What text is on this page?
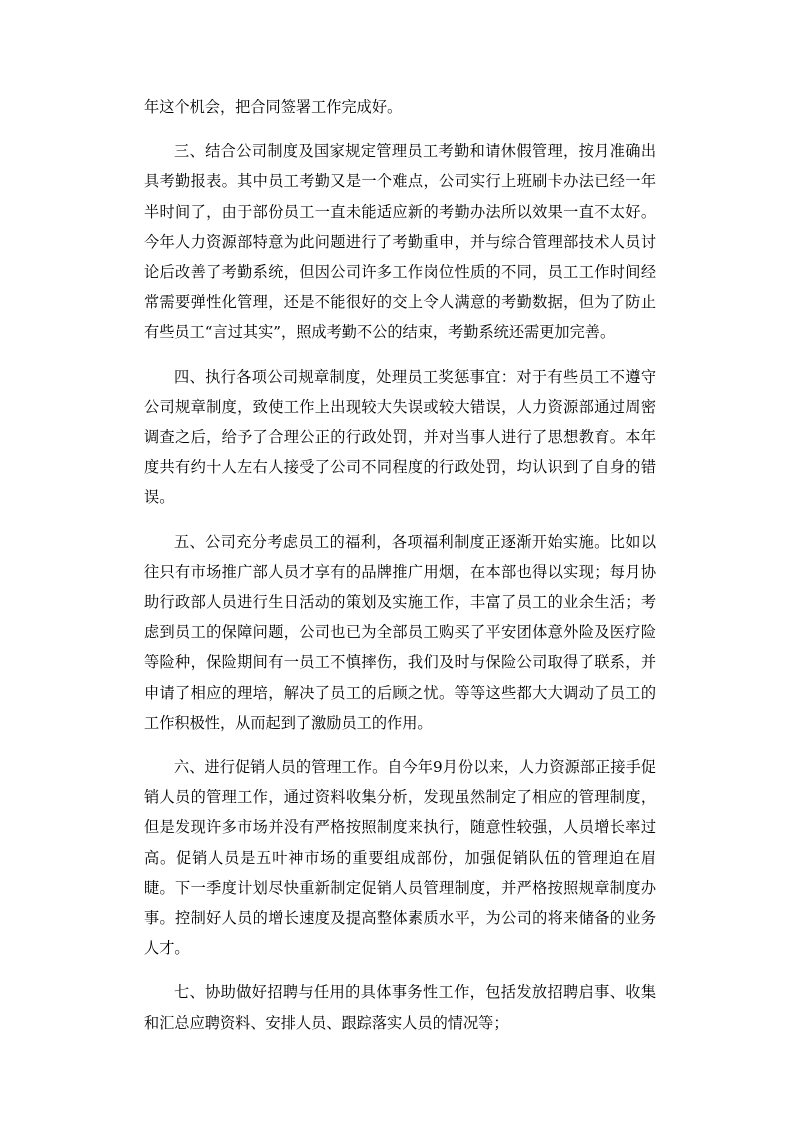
年这个机会，把合同签署工作完成好。

三、结合公司制度及国家规定管理员工考勤和请休假管理，按月准确出具考勤报表。其中员工考勤又是一个难点，公司实行上班刷卡办法已经一年半时间了，由于部份员工一直未能适应新的考勤办法所以效果一直不太好。今年人力资源部特意为此问题进行了考勤重申，并与综合管理部技术人员讨论后改善了考勤系统，但因公司许多工作岗位性质的不同，员工工作时间经常需要弹性化管理，还是不能很好的交上令人满意的考勤数据，但为了防止有些员工“言过其实”，照成考勤不公的结束，考勤系统还需更加完善。

四、执行各项公司规章制度，处理员工奖惩事宜：对于有些员工不遵守公司规章制度，致使工作上出现较大失误或较大错误，人力资源部通过周密调查之后，给予了合理公正的行政处罚，并对当事人进行了思想教育。本年度共有约十人左右人接受了公司不同程度的行政处罚，均认识到了自身的错误。

五、公司充分考虑员工的福利，各项福利制度正逐渐开始实施。比如以往只有市场推广部人员才享有的品牌推广用烟，在本部也得以实现；每月协助行政部人员进行生日活动的策划及实施工作，丰富了员工的业余生活；考虑到员工的保障问题，公司也已为全部员工购买了平安团体意外险及医疗险等险种，保险期间有一员工不慎摔伤，我们及时与保险公司取得了联系，并申请了相应的理培，解决了员工的后顾之忧。等等这些都大大调动了员工的工作积极性，从而起到了激励员工的作用。

六、进行促销人员的管理工作。自今年9月份以来，人力资源部正接手促销人员的管理工作，通过资料收集分析，发现虽然制定了相应的管理制度，但是发现许多市场并没有严格按照制度来执行，随意性较强，人员增长率过高。促销人员是五叶神市场的重要组成部份，加强促销队伍的管理迫在眉睫。下一季度计划尽快重新制定促销人员管理制度，并严格按照规章制度办事。控制好人员的增长速度及提高整体素质水平，为公司的将来储备的业务人才。

七、协助做好招聘与任用的具体事务性工作，包括发放招聘启事、收集和汇总应聘资料、安排人员、跟踪落实人员的情况等；
